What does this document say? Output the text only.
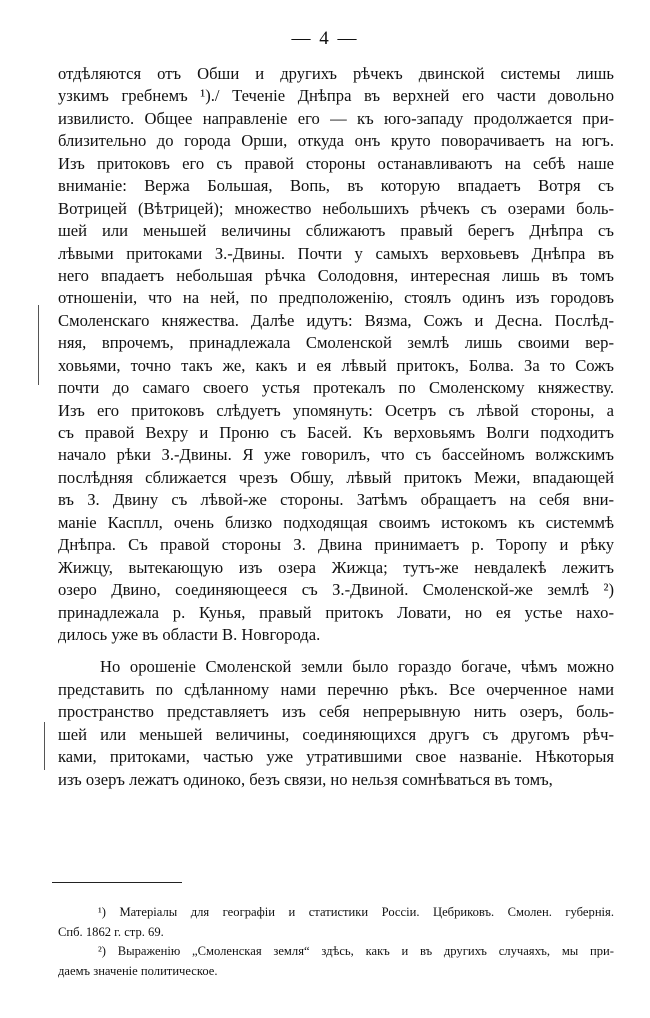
— 4 —
отдѣляются отъ Обши и другихъ рѣчекъ двинской системы лишь
узкимъ гребнемъ ¹)./ Теченіе Днѣпра въ верхней его части довольно
извилисто. Общее направленіе его — къ юго-западу продолжается при-
близительно до города Орши, откуда онъ круто поворачиваетъ на югъ.
Изъ притоковъ его съ правой стороны останавливаютъ на себѣ наше
вниманіе: Вержа Большая, Вопь, въ которую впадаетъ Вотря съ
Вотрицей (Вѣтрицей); множество небольшихъ рѣчекъ съ озерами боль-
шей или меньшей величины сближаютъ правый берегъ Днѣпра съ
лѣвыми притоками З.-Двины. Почти у самыхъ верховьевъ Днѣпра въ
него впадаетъ небольшая рѣчка Солодовня, интересная лишь въ томъ
отношеніи, что на ней, по предположенію, стоялъ одинъ изъ городовъ
Смоленскаго княжества. Далѣе идутъ: Вязма, Сожъ и Десна. Послѣд-
няя, впрочемъ, принадлежала Смоленской землѣ лишь своими вер-
ховьями, точно такъ же, какъ и ея лѣвый притокъ, Болва. За то Сожъ
почти до самаго своего устья протекалъ по Смоленскому княжеству.
Изъ его притоковъ слѣдуетъ упомянуть: Осетръ съ лѣвой стороны, а
съ правой Вехру и Проню съ Басей. Къ верховьямъ Волги подходитъ
начало рѣки З.-Двины. Я уже говорилъ, что съ бассейномъ волжскимъ
послѣдняя сближается чрезъ Обшу, лѣвый притокъ Межи, впадающей
въ З. Двину съ лѣвой-же стороны. Затѣмъ обращаетъ на себя вни-
маніе Касплл, очень близко подходящая своимъ истокомъ къ системмѣ
Днѣпра. Съ правой стороны З. Двина принимаетъ р. Торопу и рѣку
Жижцу, вытекающую изъ озера Жижца; тутъ-же невдалекѣ лежитъ
озеро Двино, соединяющееся съ З.-Двиной. Смоленской-же землѣ ²)
принадлежала р. Кунья, правый притокъ Ловати, но ея устье нахо-
дилось уже въ области В. Новгорода.
Но орошеніе Смоленской земли было гораздо богаче, чѣмъ можно
представить по сдѣланному нами перечню рѣкъ. Все очерченное нами
пространство представляетъ изъ себя непрерывную нить озеръ, боль-
шей или меньшей величины, соединяющихся другъ съ другомъ рѣч-
ками, притоками, частью уже утратившими свое названіе. Нѣкоторыя
изъ озеръ лежатъ одиноко, безъ связи, но нельзя сомнѣваться въ томъ,
¹) Матеріалы для географіи и статистики Россіи. Цебриковъ. Смолен. губернія.
Спб. 1862 г. стр. 69.
²) Выраженію „Смоленская земля“ здѣсь, какъ и въ другихъ случаяхъ, мы при-
даемъ значеніе политическое.
